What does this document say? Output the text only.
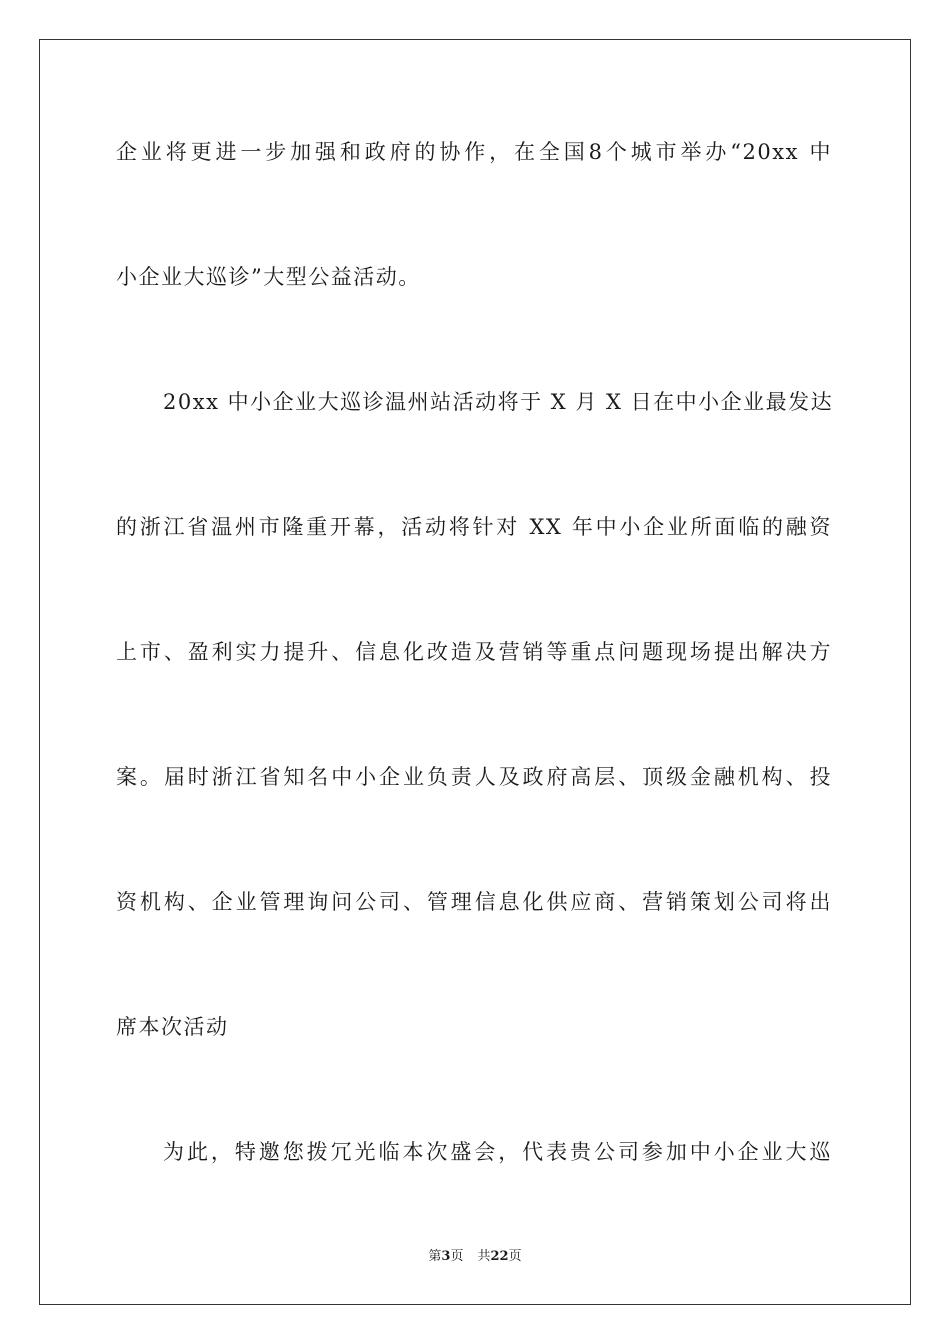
企业将更进一步加强和政府的协作，在全国8个城市举办“20xx 中
小企业大巡诊”大型公益活动。
20xx 中小企业大巡诊温州站活动将于 X 月 X 日在中小企业最发达
的浙江省温州市隆重开幕，活动将针对 XX 年中小企业所面临的融资
上市、盈利实力提升、信息化改造及营销等重点问题现场提出解决方
案。届时浙江省知名中小企业负责人及政府高层、顶级金融机构、投
资机构、企业管理询问公司、管理信息化供应商、营销策划公司将出
席本次活动
为此，特邀您拨冗光临本次盛会，代表贵公司参加中小企业大巡
第3页 共22页
